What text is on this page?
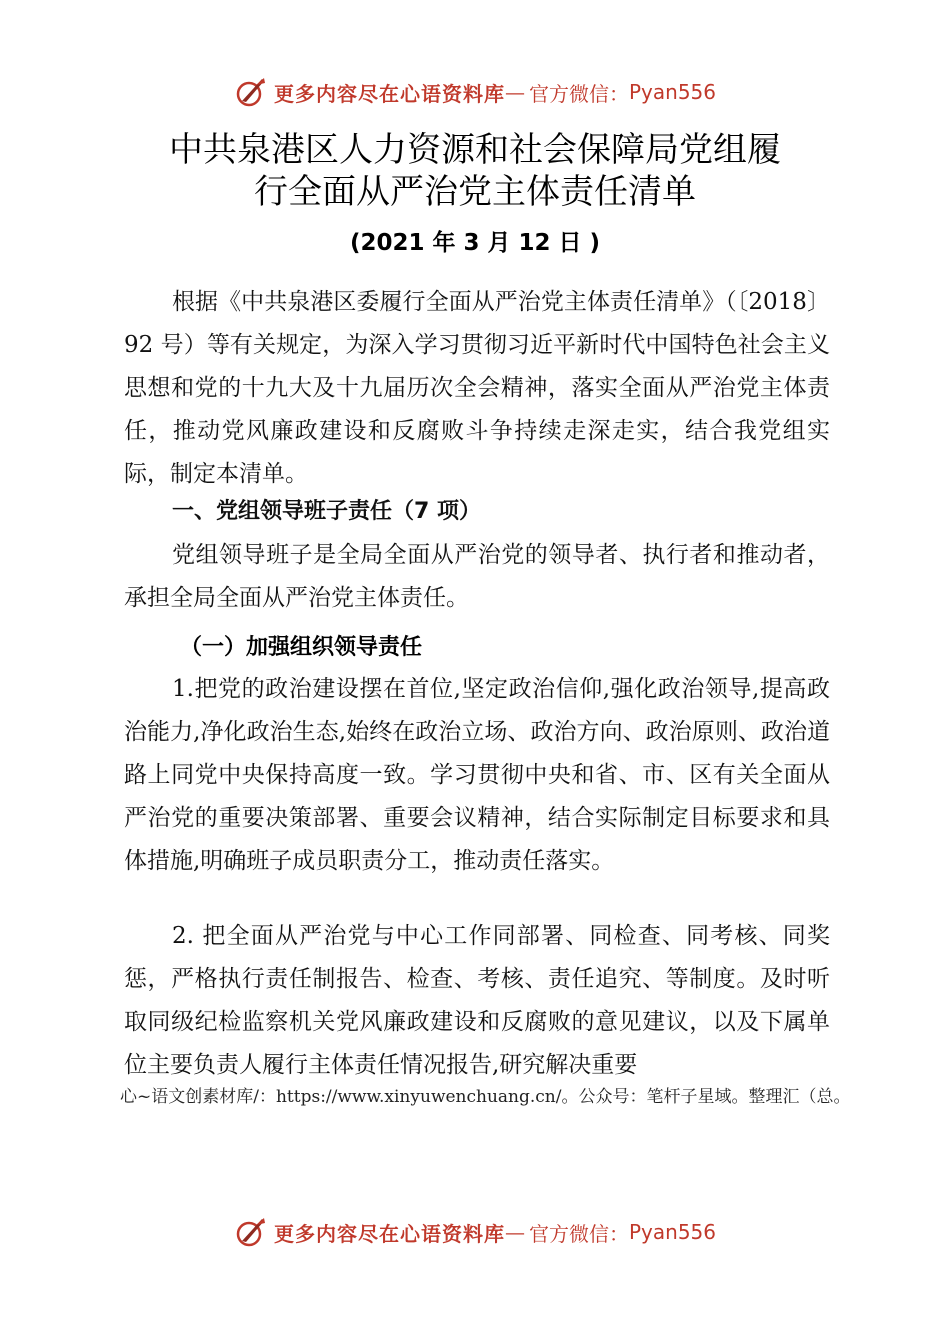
更多内容尽在心语资料库 — 官方微信： Pyan556
中共泉港区人力资源和社会保障局党组履
行全面从严治党主体责任清单
(2021 年 3 月 12 日 )

根据《中共泉港区委履行全面从严治党主体责任清单》（〔2018〕92 号）等有关规定，为深入学习贯彻习近平新时代中国特色社会主义思想和党的十九大及十九届历次全会精神，落实全面从严治党主体责任，推动党风廉政建设和反腐败斗争持续走深走实，结合我党组实际，制定本清单。

一、党组领导班子责任（7 项）

党组领导班子是全局全面从严治党的领导者、执行者和推动者，承担全局全面从严治党主体责任。

（一）加强组织领导责任

1.把党的政治建设摆在首位,坚定政治信仰,强化政治领导,提高政治能力,净化政治生态,始终在政治立场、政治方向、政治原则、政治道路上同党中央保持高度一致。学习贯彻中央和省、市、区有关全面从严治党的重要决策部署、重要会议精神，结合实际制定目标要求和具体措施,明确班子成员职责分工，推动责任落实。

2. 把全面从严治党与中心工作同部署、同检查、同考核、同奖惩，严格执行责任制报告、检查、考核、责任追究、等制度。及时听取同级纪检监察机关党风廉政建设和反腐败的意见建议，以及下属单位主要负责人履行主体责任情况报告,研究解决重要

心~语文创素材库/：https://www.xinyuwenchuang.cn/。公众号：笔杆子星域。整理汇（总。
更多内容尽在心语资料库 — 官方微信： Pyan556
